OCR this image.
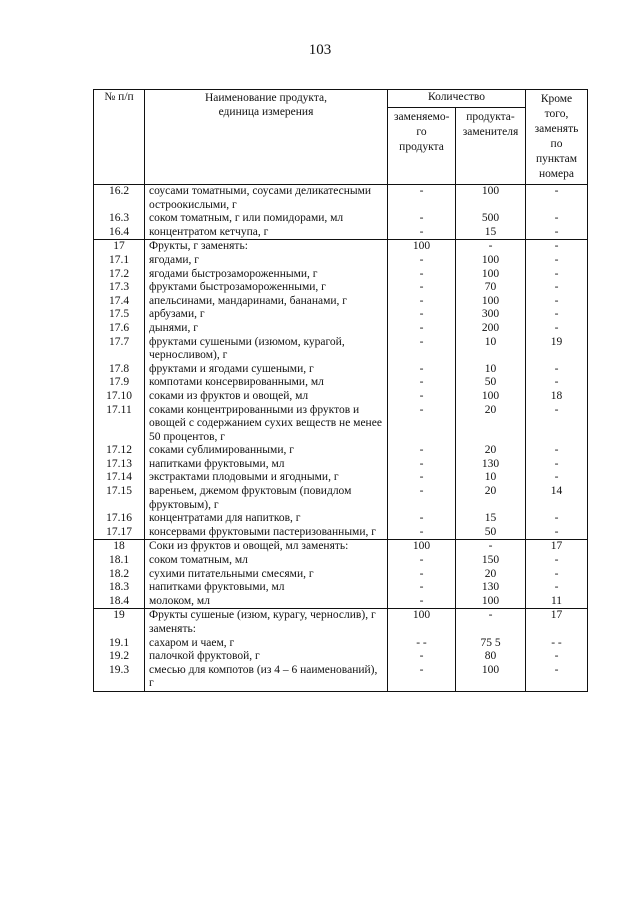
103
№ п/п	Наименование продукта, единица измерения	Количество		Кроме того, заменять по пунктам номера
		заменяемо-го продукта	продукта-заменителя	
16.2	соусами томатными, соусами деликатесными остроокислыми, г	-	100	-
16.3	соком томатным, г или помидорами, мл	-	500	-
16.4	концентратом кетчупа, г	-	15	-
17	Фрукты, г заменять:	100	-	-
17.1	ягодами, г	-	100	-
17.2	ягодами быстрозамороженными, г	-	100	-
17.3	фруктами быстрозамороженными, г	-	70	-
17.4	апельсинами, мандаринами, бананами, г	-	100	-
17.5	арбузами, г	-	300	-
17.6	дынями, г	-	200	-
17.7	фруктами сушеными (изюмом, курагой, черносливом), г	-	10	19
17.8	фруктами и ягодами сушеными, г	-	10	-
17.9	компотами консервированными, мл	-	50	-
17.10	соками из фруктов и овощей, мл	-	100	18
17.11	соками концентрированными из фруктов и овощей с содержанием сухих веществ не менее 50 процентов, г	-	20	-
17.12	соками сублимированными, г	-	20	-
17.13	напитками фруктовыми, мл	-	130	-
17.14	экстрактами плодовыми и ягодными, г	-	10	-
17.15	вареньем, джемом фруктовым (повидлом фруктовым), г	-	20	14
17.16	концентратами для напитков, г	-	15	-
17.17	консервами фруктовыми пастеризованными, г	-	50	-
18	Соки из фруктов и овощей, мл заменять:	100	-	17
18.1	соком томатным, мл	-	150	-
18.2	сухими питательными смесями, г	-	20	-
18.3	напитками фруктовыми, мл	-	130	-
18.4	молоком, мл	-	100	11
19	Фрукты сушеные (изюм, курагу, чернослив), г заменять:	100	-	17
19.1	сахаром и чаем, г	- -	75 5	- -
19.2	палочкой фруктовой, г	-	80	-
19.3	смесью для компотов (из 4 – 6 наименований), г	-	100	-
